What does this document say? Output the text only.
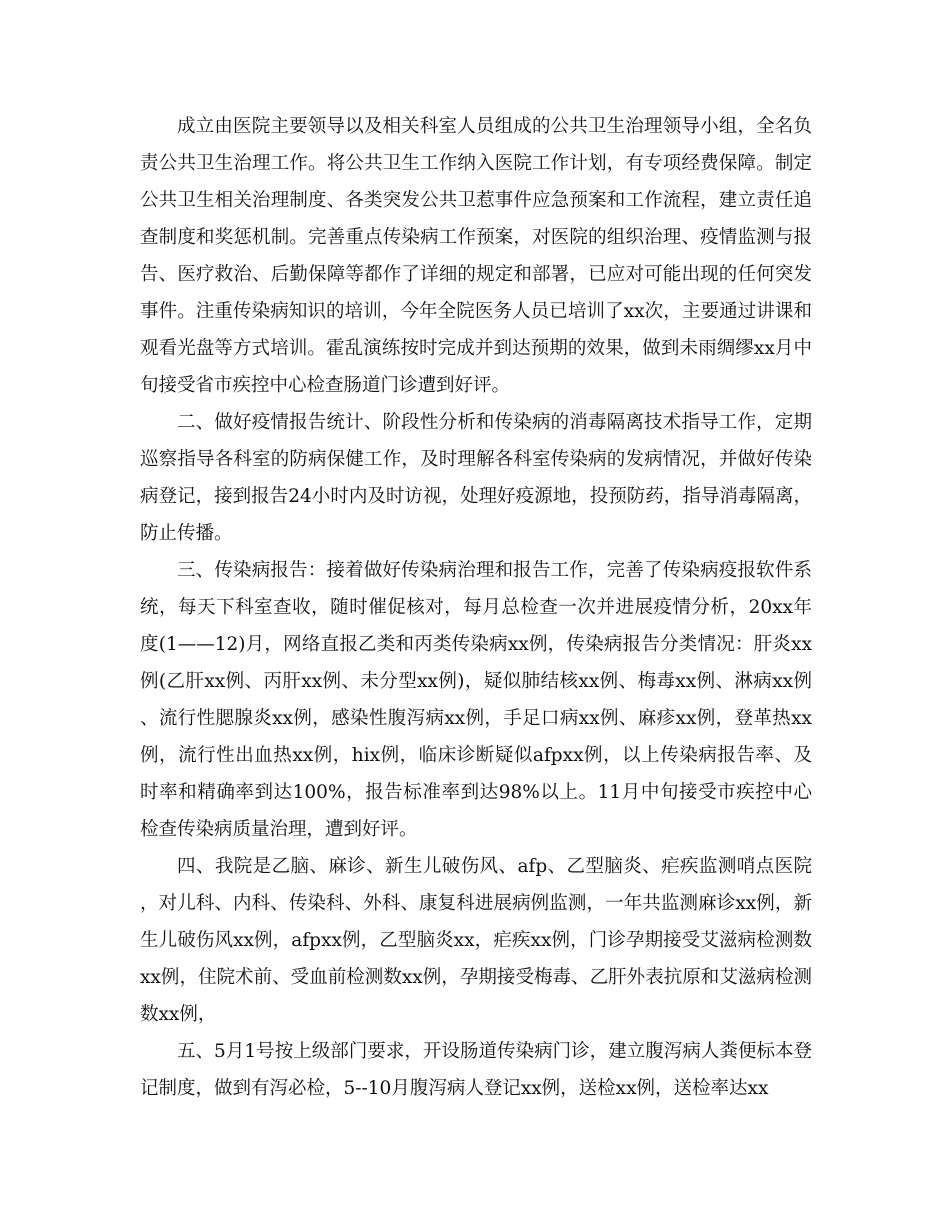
成立由医院主要领导以及相关科室人员组成的公共卫生治理领导小组，全名负责公共卫生治理工作。将公共卫生工作纳入医院工作计划，有专项经费保障。制定公共卫生相关治理制度、各类突发公共卫惹事件应急预案和工作流程，建立责任追查制度和奖惩机制。完善重点传染病工作预案，对医院的组织治理、疫情监测与报告、医疗救治、后勤保障等都作了详细的规定和部署，已应对可能出现的任何突发事件。注重传染病知识的培训，今年全院医务人员已培训了xx次，主要通过讲课和观看光盘等方式培训。霍乱演练按时完成并到达预期的效果，做到未雨绸缪xx月中旬接受省市疾控中心检查肠道门诊遭到好评。

二、做好疫情报告统计、阶段性分析和传染病的消毒隔离技术指导工作，定期巡察指导各科室的防病保健工作，及时理解各科室传染病的发病情况，并做好传染病登记，接到报告24小时内及时访视，处理好疫源地，投预防药，指导消毒隔离，防止传播。

三、传染病报告：接着做好传染病治理和报告工作，完善了传染病疫报软件系统，每天下科室查收，随时催促核对，每月总检查一次并进展疫情分析，20xx年度(1——12)月，网络直报乙类和丙类传染病xx例，传染病报告分类情况：肝炎xx例(乙肝xx例、丙肝xx例、未分型xx例)，疑似肺结核xx例、梅毒xx例、淋病xx例、流行性腮腺炎xx例，感染性腹泻病xx例，手足口病xx例、麻疹xx例，登革热xx例，流行性出血热xx例，hix例，临床诊断疑似afpxx例，以上传染病报告率、及时率和精确率到达100%，报告标准率到达98%以上。11月中旬接受市疾控中心检查传染病质量治理，遭到好评。

四、我院是乙脑、麻诊、新生儿破伤风、afp、乙型脑炎、疟疾监测哨点医院，对儿科、内科、传染科、外科、康复科进展病例监测，一年共监测麻诊xx例，新生儿破伤风xx例，afpxx例，乙型脑炎xx，疟疾xx例，门诊孕期接受艾滋病检测数xx例，住院术前、受血前检测数xx例，孕期接受梅毒、乙肝外表抗原和艾滋病检测数xx例，

五、5月1号按上级部门要求，开设肠道传染病门诊，建立腹泻病人粪便标本登记制度，做到有泻必检，5--10月腹泻病人登记xx例，送检xx例，送检率达xx
